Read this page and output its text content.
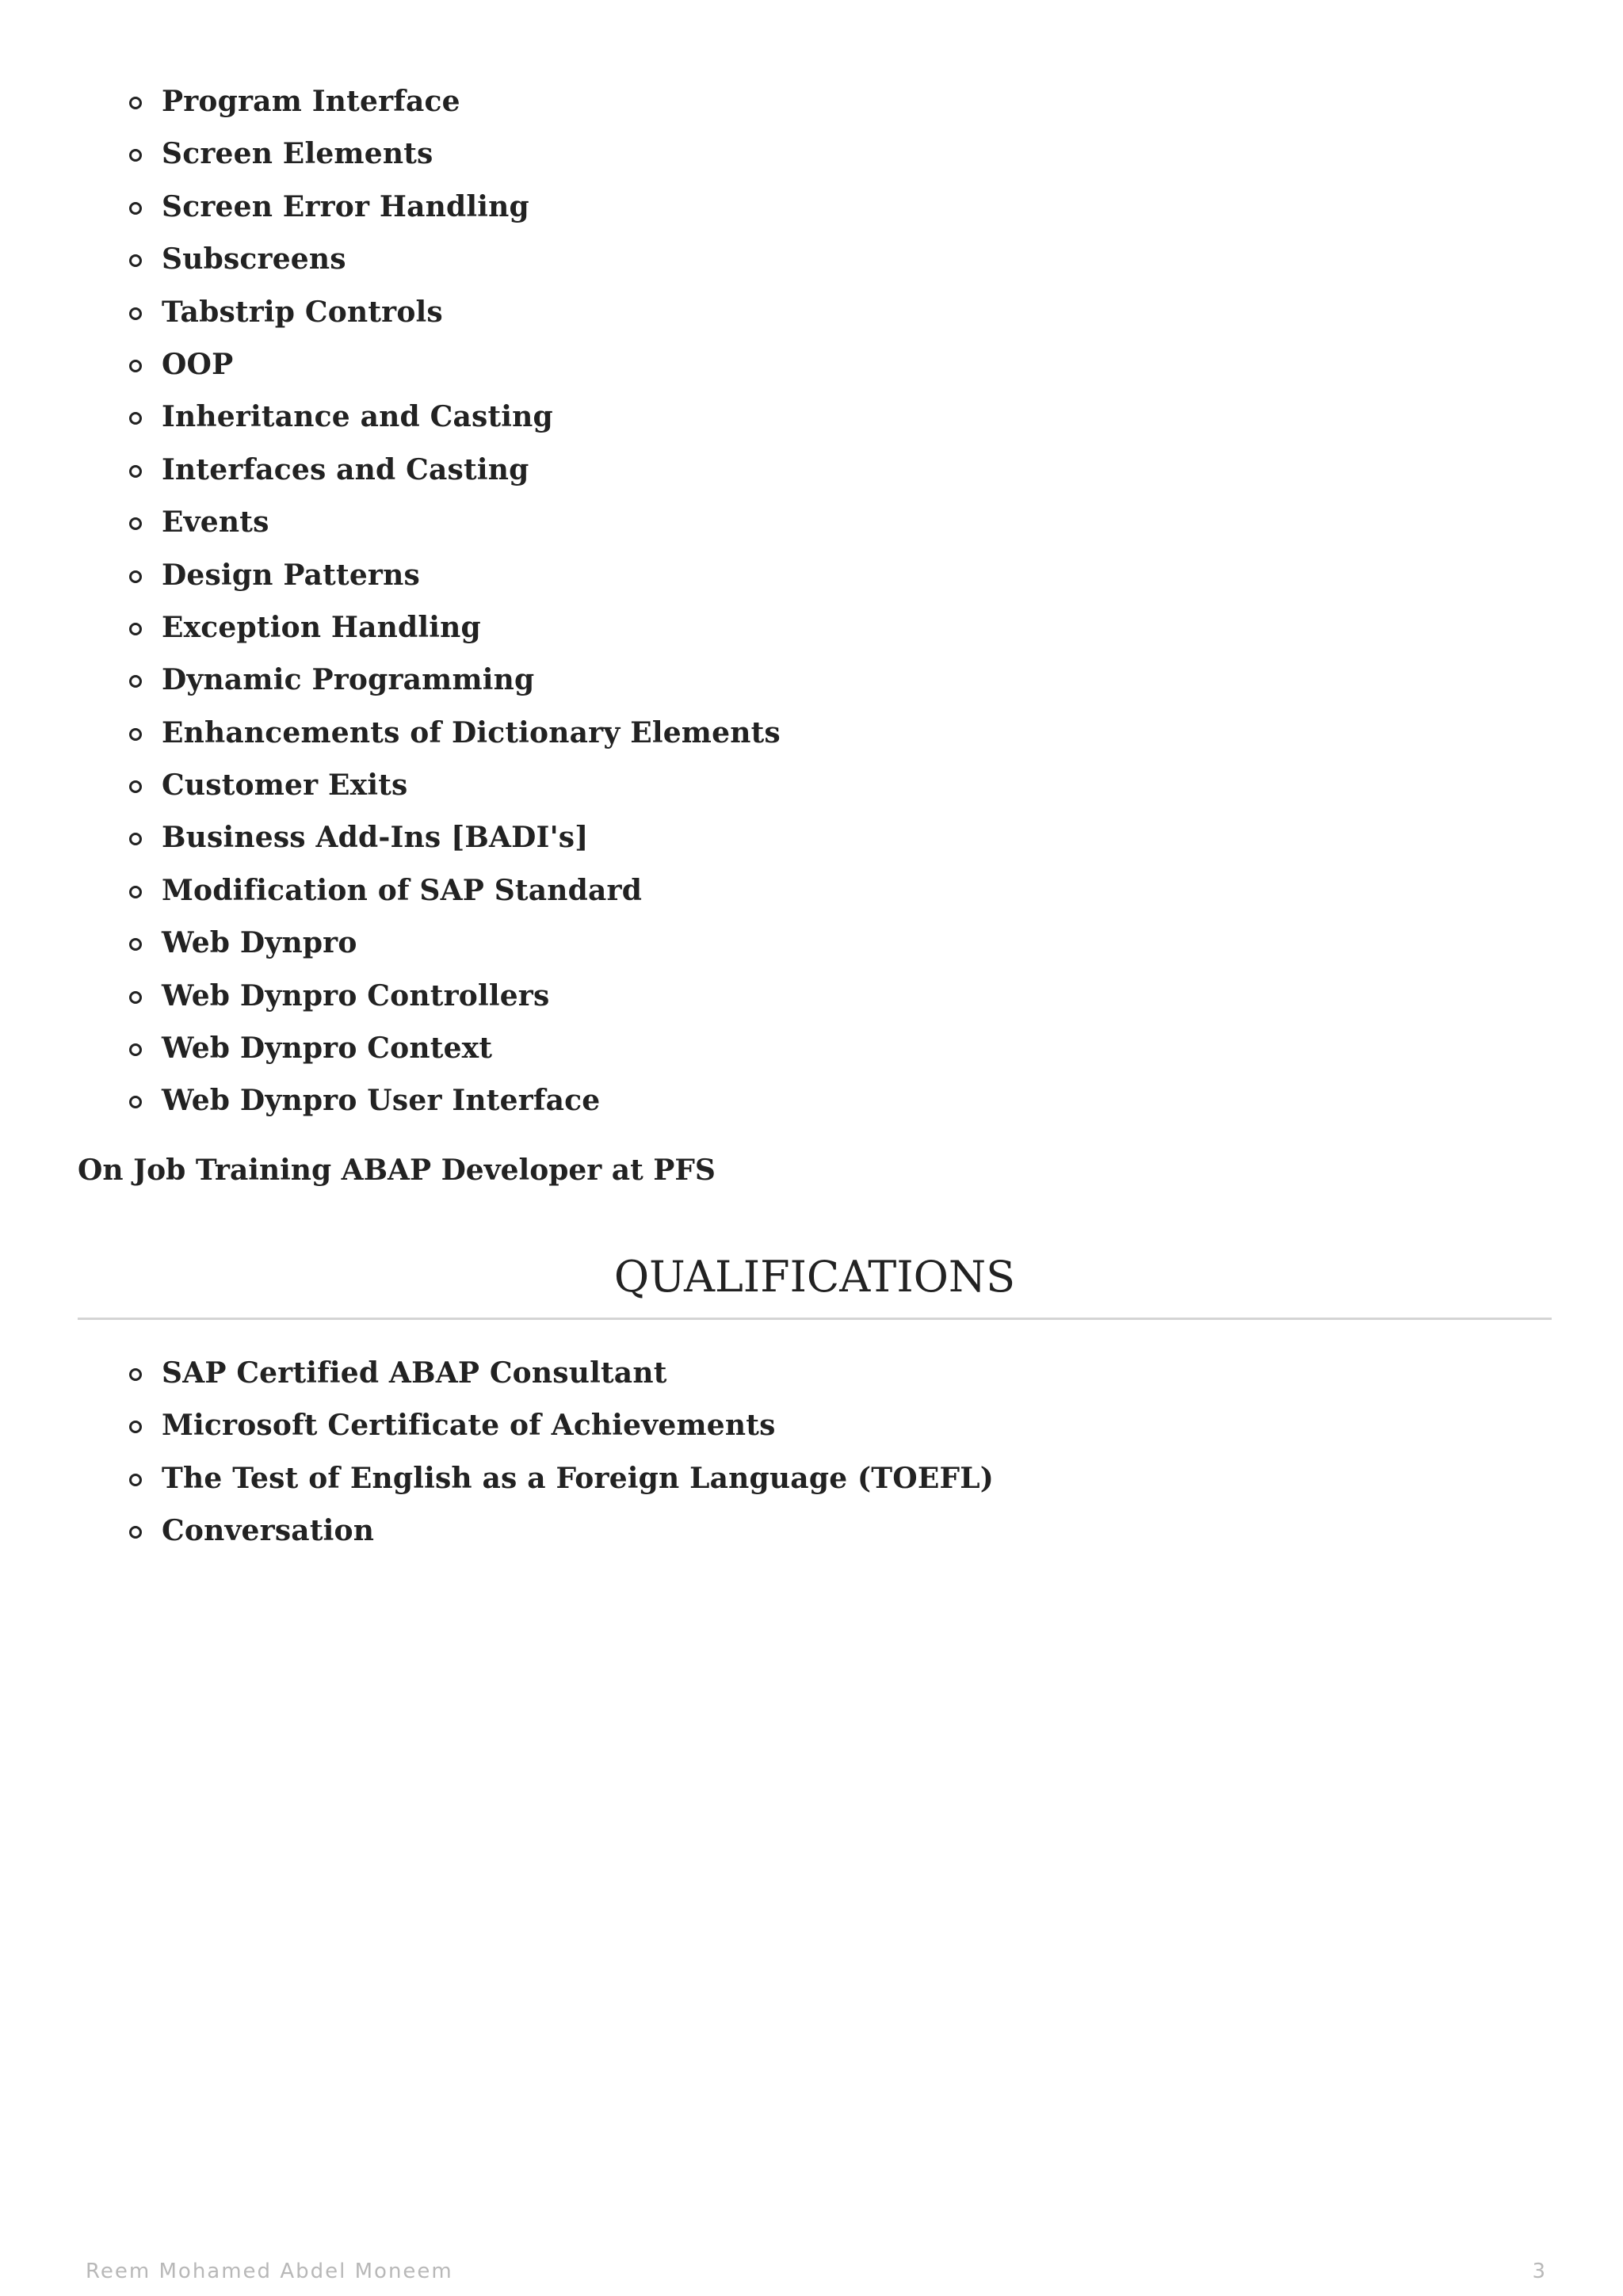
Program Interface
Screen Elements
Screen Error Handling
Subscreens
Tabstrip Controls
OOP
Inheritance and Casting
Interfaces and Casting
Events
Design Patterns
Exception Handling
Dynamic Programming
Enhancements of Dictionary Elements
Customer Exits
Business Add-Ins [BADI's]
Modification of SAP Standard
Web Dynpro
Web Dynpro Controllers
Web Dynpro Context
Web Dynpro User Interface
On Job Training ABAP Developer at PFS
QUALIFICATIONS
SAP Certified ABAP Consultant
Microsoft Certificate of Achievements
The Test of English as a Foreign Language (TOEFL)
Conversation
Reem Mohamed Abdel Moneem	3
